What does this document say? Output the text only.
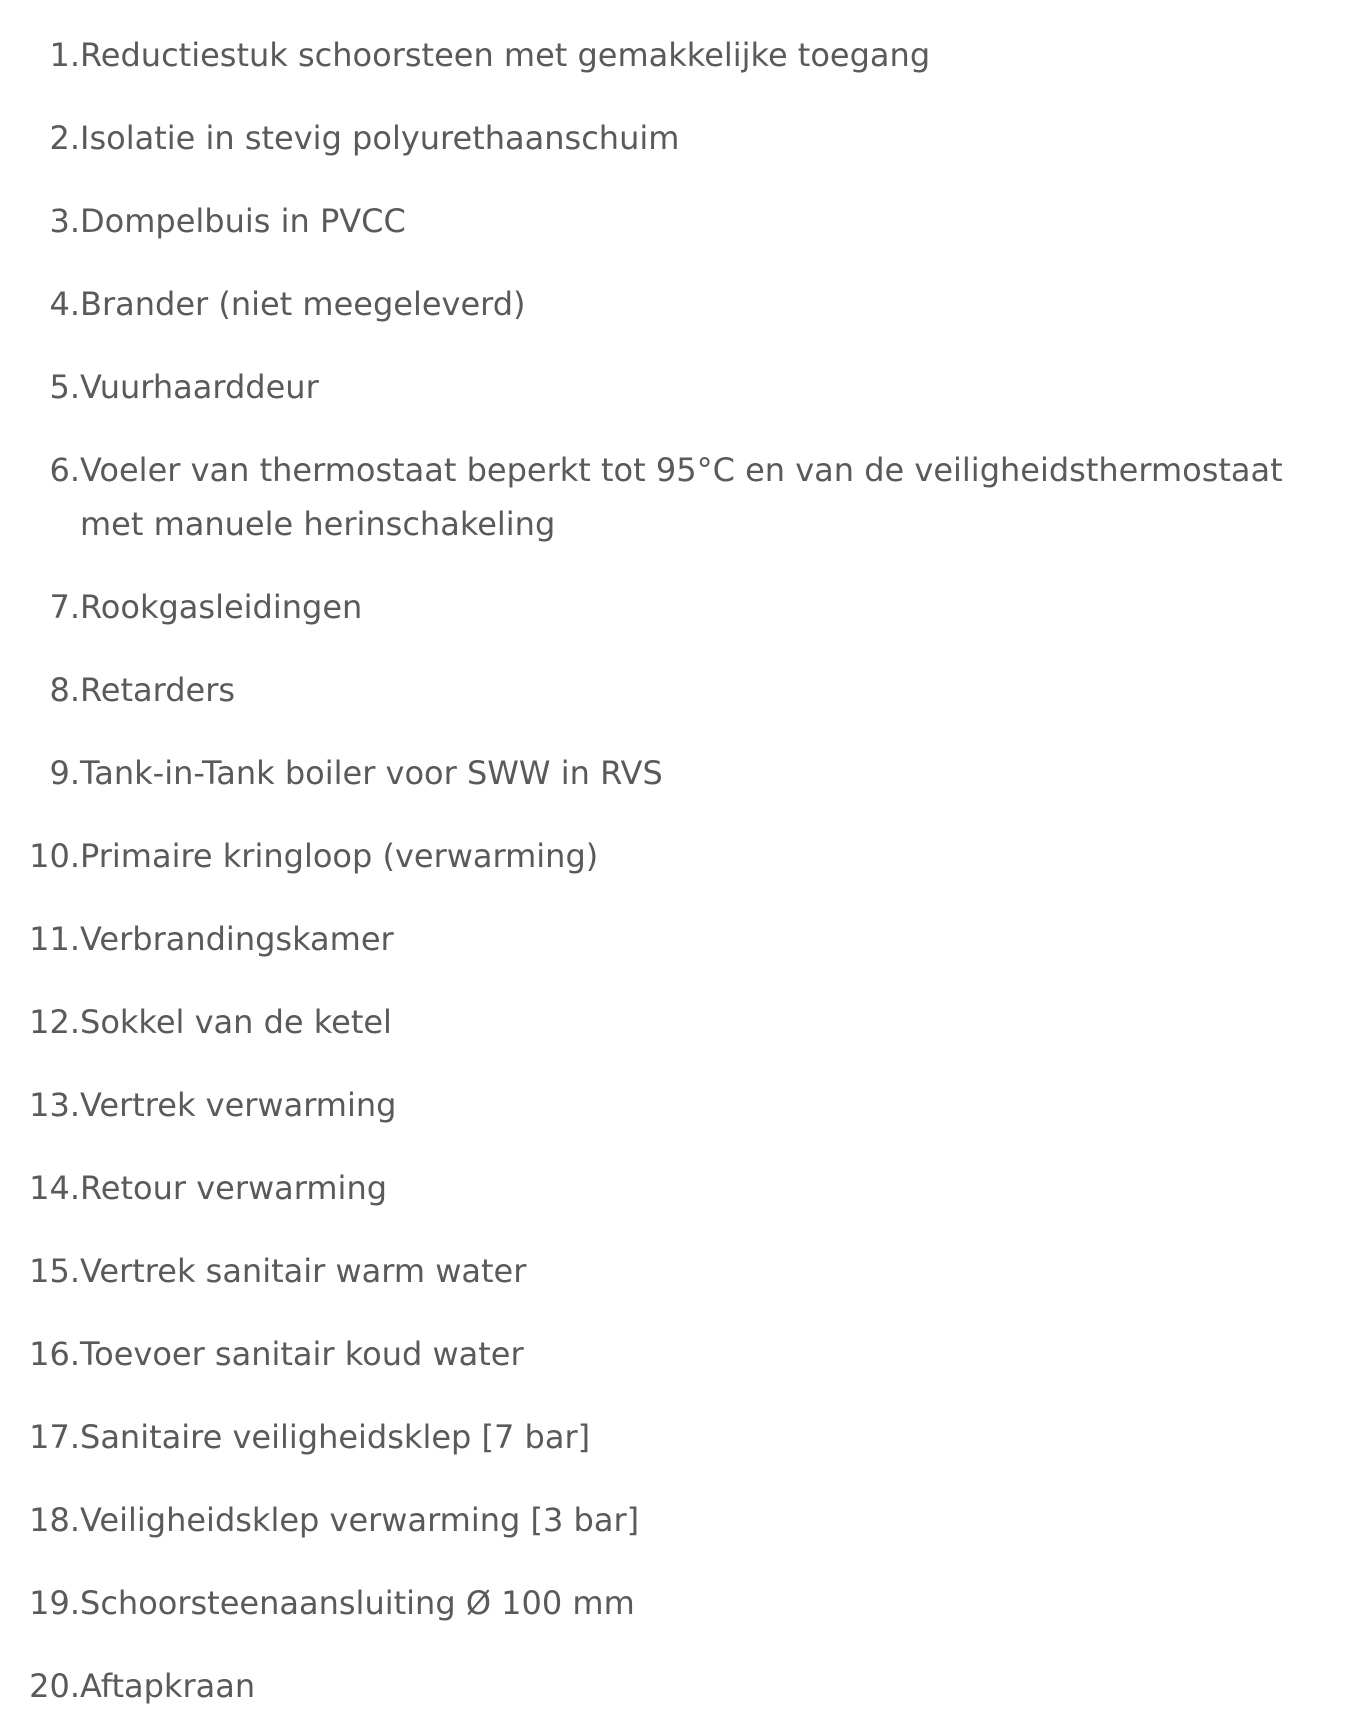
1. Reductiestuk schoorsteen met gemakkelijke toegang
2. Isolatie in stevig polyurethaanschuim
3. Dompelbuis in PVCC
4. Brander (niet meegeleverd)
5. Vuurhaarddeur
6. Voeler van thermostaat beperkt tot 95°C en van de veiligheidsthermostaat met manuele herinschakeling
7. Rookgasleidingen
8. Retarders
9. Tank-in-Tank boiler voor SWW in RVS
10. Primaire kringloop (verwarming)
11. Verbrandingskamer
12. Sokkel van de ketel
13. Vertrek verwarming
14. Retour verwarming
15. Vertrek sanitair warm water
16. Toevoer sanitair koud water
17. Sanitaire veiligheidsklep [7 bar]
18. Veiligheidsklep verwarming [3 bar]
19. Schoorsteenaansluiting Ø 100 mm
20. Aftapkraan
